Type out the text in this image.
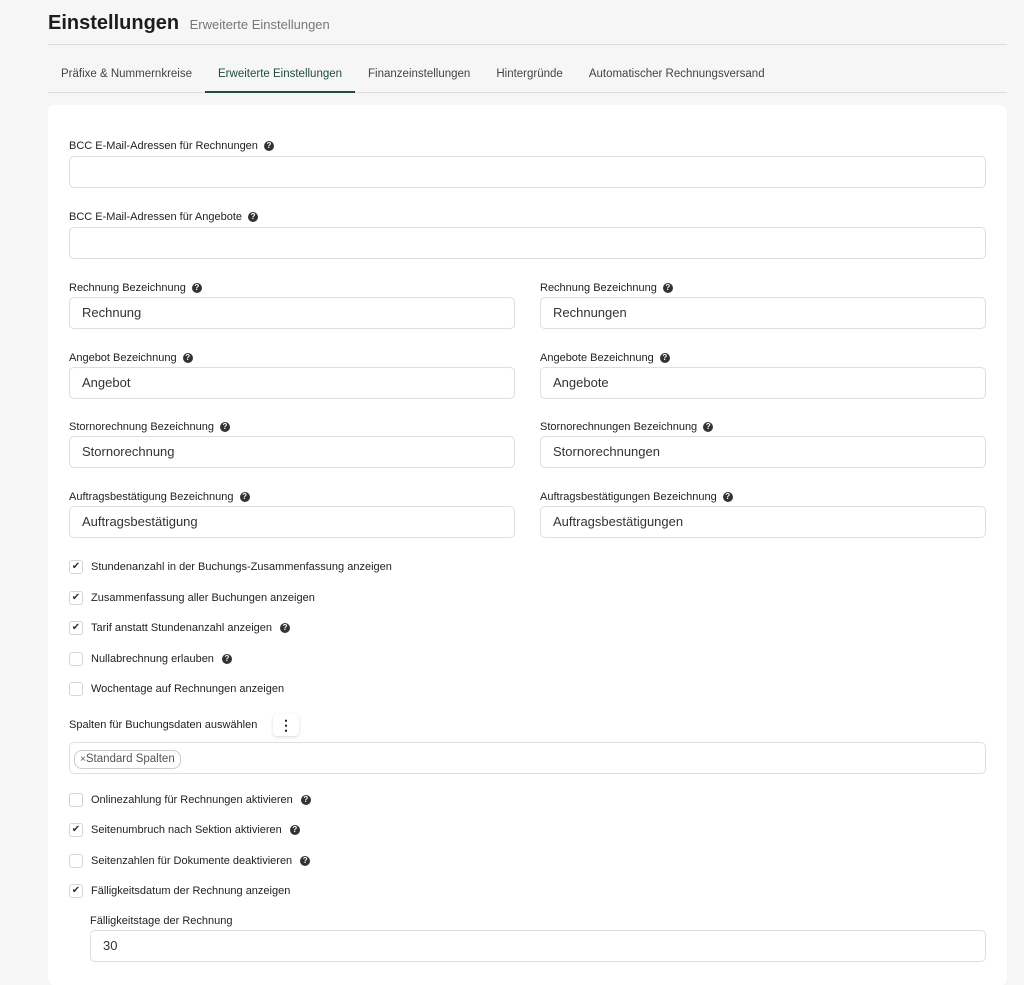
Einstellungen Erweiterte Einstellungen
Präfixe & Nummernkreise	Erweiterte Einstellungen	Finanzeinstellungen	Hintergründe	Automatischer Rechnungsversand
BCC E-Mail-Adressen für Rechnungen	?
BCC E-Mail-Adressen für Angebote	?
Rechnung Bezeichnung	?
Rechnung
Rechnung Bezeichnung	?
Rechnungen
Angebot Bezeichnung	?
Angebot
Angebote Bezeichnung	?
Angebote
Stornorechnung Bezeichnung	?
Stornorechnung
Stornorechnungen Bezeichnung	?
Stornorechnungen
Auftragsbestätigung Bezeichnung	?
Auftragsbestätigung
Auftragsbestätigungen Bezeichnung	?
Auftragsbestätigungen
✔ Stundenanzahl in der Buchungs-Zusammenfassung anzeigen
✔ Zusammenfassung aller Buchungen anzeigen
✔ Tarif anstatt Stundenanzahl anzeigen	?
Nullabrechnung erlauben	?
Wochentage auf Rechnungen anzeigen
Spalten für Buchungsdaten auswählen	⋮
×Standard Spalten
Onlinezahlung für Rechnungen aktivieren	?
✔ Seitenumbruch nach Sektion aktivieren	?
Seitenzahlen für Dokumente deaktivieren	?
✔ Fälligkeitsdatum der Rechnung anzeigen
Fälligkeitstage der Rechnung
30
